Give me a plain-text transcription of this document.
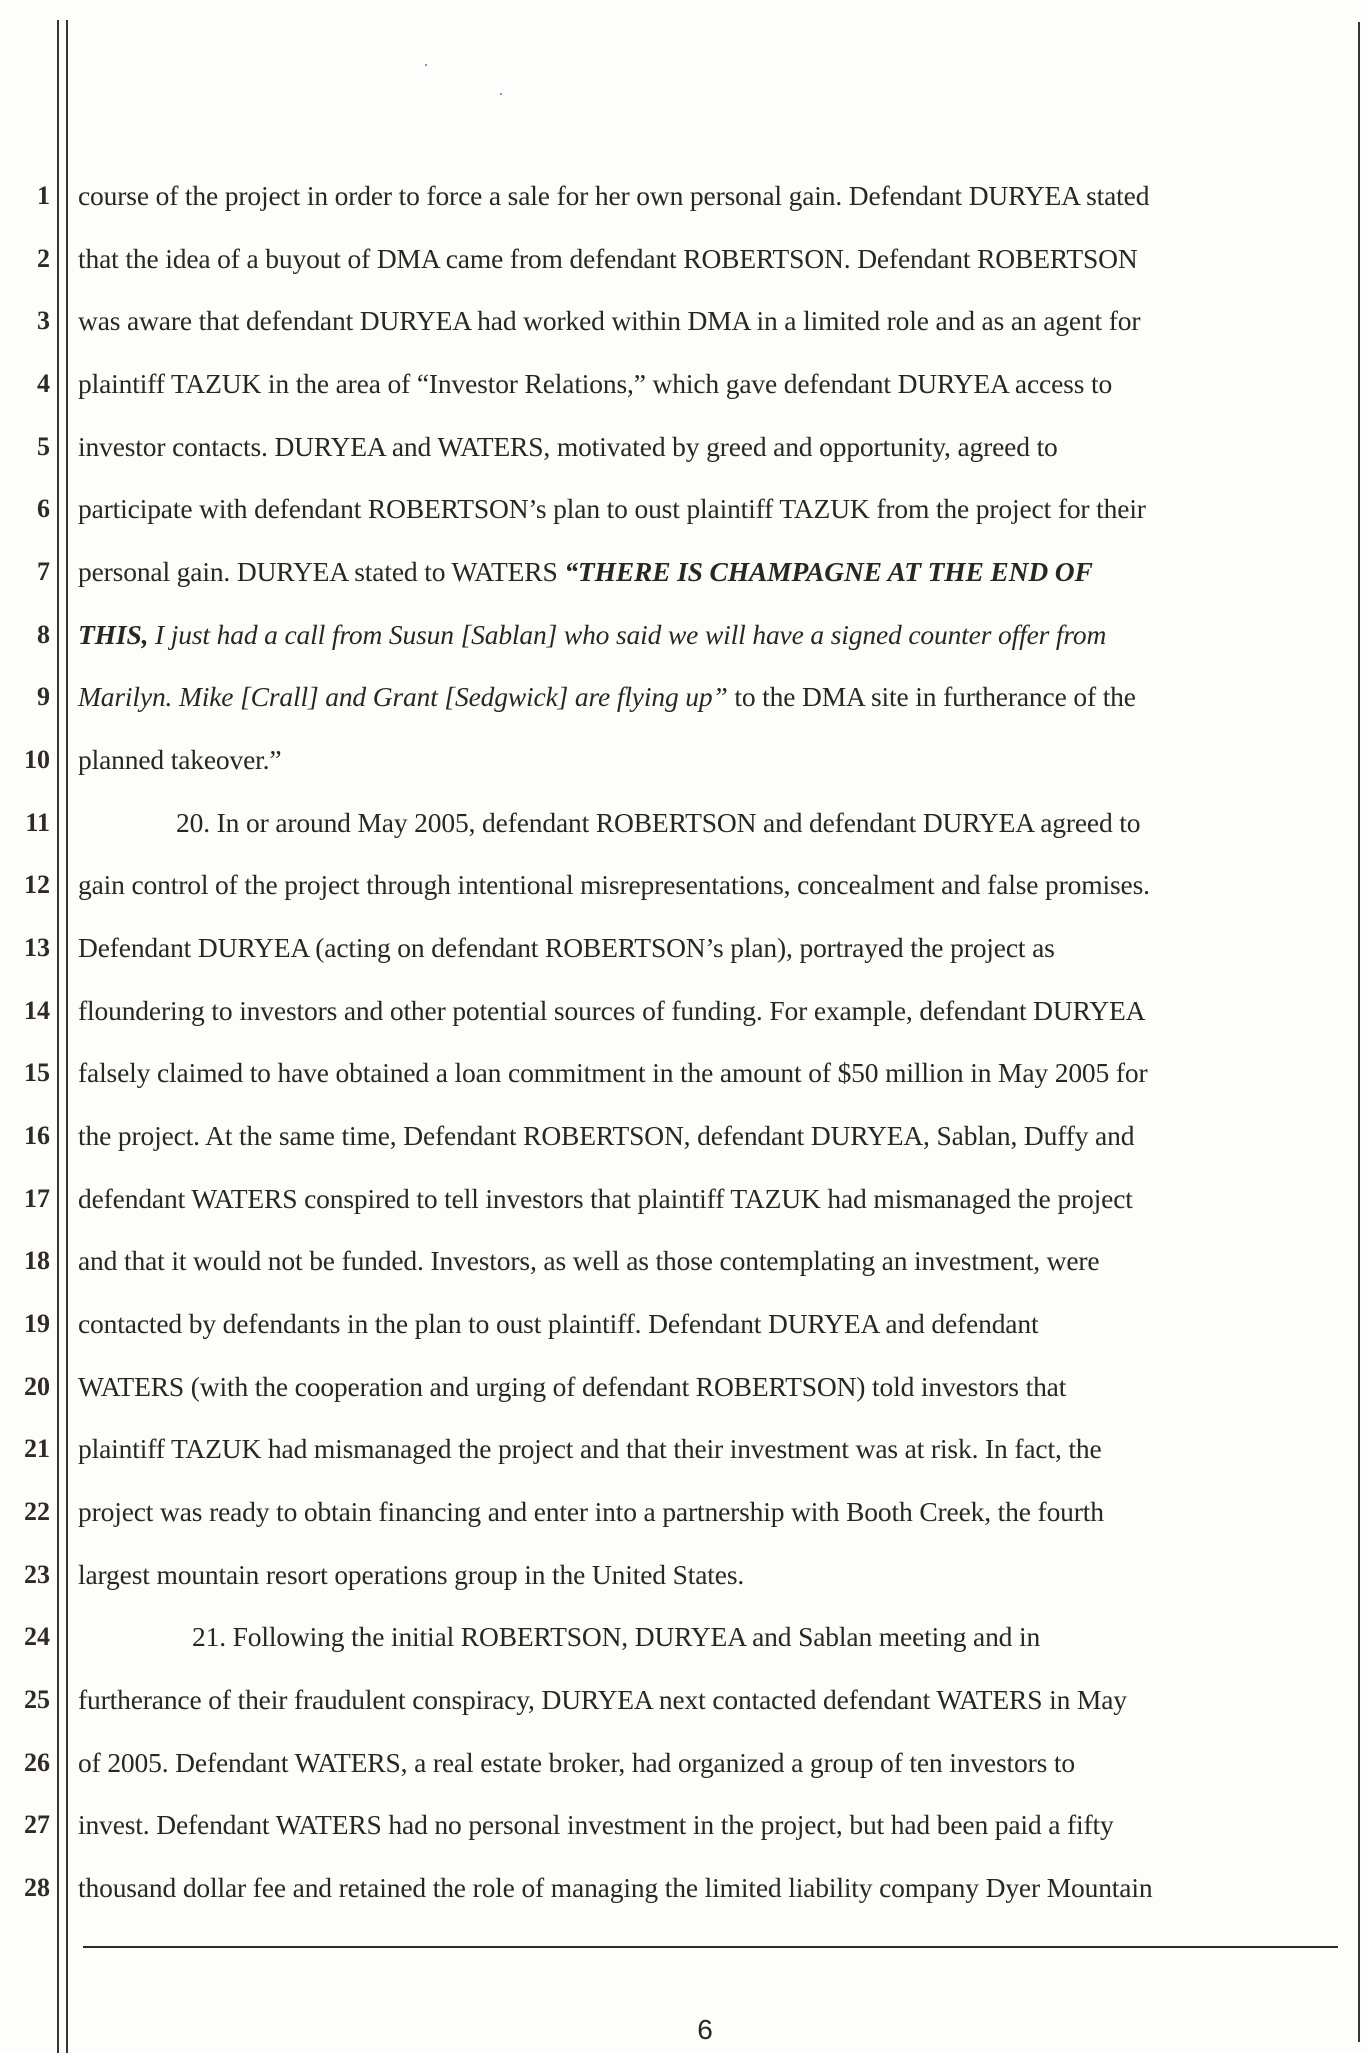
1 course of the project in order to force a sale for her own personal gain. Defendant DURYEA stated
2 that the idea of a buyout of DMA came from defendant ROBERTSON. Defendant ROBERTSON
3 was aware that defendant DURYEA had worked within DMA in a limited role and as an agent for
4 plaintiff TAZUK in the area of “Investor Relations,” which gave defendant DURYEA access to
5 investor contacts. DURYEA and WATERS, motivated by greed and opportunity, agreed to
6 participate with defendant ROBERTSON’s plan to oust plaintiff TAZUK from the project for their
7 personal gain. DURYEA stated to WATERS “THERE IS CHAMPAGNE AT THE END OF
8 THIS, I just had a call from Susun [Sablan] who said we will have a signed counter offer from
9 Marilyn. Mike [Crall] and Grant [Sedgwick] are flying up” to the DMA site in furtherance of the
10 planned takeover.”
11	20. In or around May 2005, defendant ROBERTSON and defendant DURYEA agreed to
12 gain control of the project through intentional misrepresentations, concealment and false promises.
13 Defendant DURYEA (acting on defendant ROBERTSON’s plan), portrayed the project as
14 floundering to investors and other potential sources of funding. For example, defendant DURYEA
15 falsely claimed to have obtained a loan commitment in the amount of $50 million in May 2005 for
16 the project. At the same time, Defendant ROBERTSON, defendant DURYEA, Sablan, Duffy and
17 defendant WATERS conspired to tell investors that plaintiff TAZUK had mismanaged the project
18 and that it would not be funded. Investors, as well as those contemplating an investment, were
19 contacted by defendants in the plan to oust plaintiff. Defendant DURYEA and defendant
20 WATERS (with the cooperation and urging of defendant ROBERTSON) told investors that
21 plaintiff TAZUK had mismanaged the project and that their investment was at risk. In fact, the
22 project was ready to obtain financing and enter into a partnership with Booth Creek, the fourth
23 largest mountain resort operations group in the United States.
24	21. Following the initial ROBERTSON, DURYEA and Sablan meeting and in
25 furtherance of their fraudulent conspiracy, DURYEA next contacted defendant WATERS in May
26 of 2005. Defendant WATERS, a real estate broker, had organized a group of ten investors to
27 invest. Defendant WATERS had no personal investment in the project, but had been paid a fifty
28 thousand dollar fee and retained the role of managing the limited liability company Dyer Mountain
6
